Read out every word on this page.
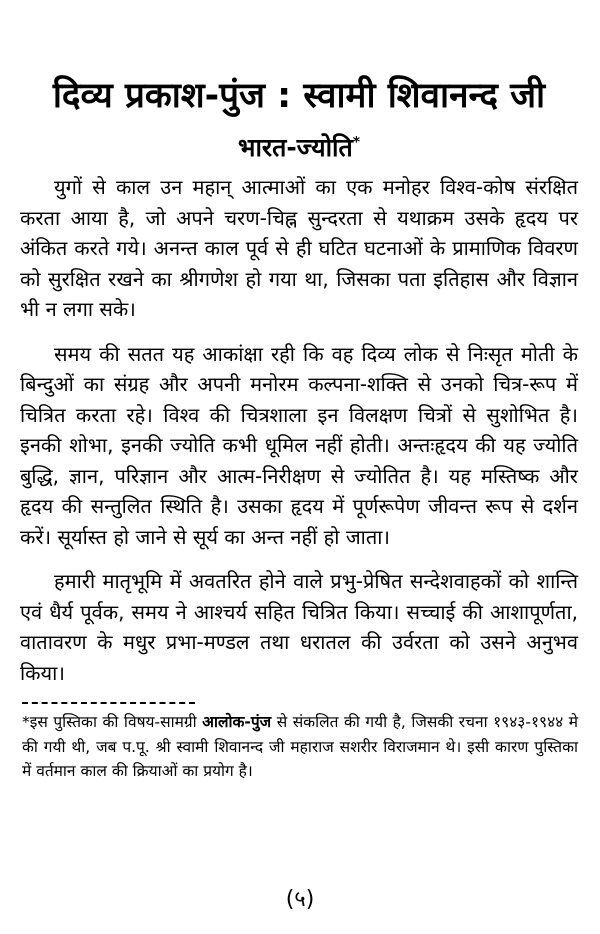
दिव्य प्रकाश-पुंज : स्वामी शिवानन्द जी
भारत-ज्योति*

युगों से काल उन महान् आत्माओं का एक मनोहर विश्व-कोष संरक्षित करता आया है, जो अपने चरण-चिह्न सुन्दरता से यथाक्रम उसके हृदय पर अंकित करते गये। अनन्त काल पूर्व से ही घटित घटनाओं के प्रामाणिक विवरण को सुरक्षित रखने का श्रीगणेश हो गया था, जिसका पता इतिहास और विज्ञान भी न लगा सके।

समय की सतत यह आकांक्षा रही कि वह दिव्य लोक से निःसृत मोती के बिन्दुओं का संग्रह और अपनी मनोरम कल्पना-शक्ति से उनको चित्र-रूप में चित्रित करता रहे। विश्व की चित्रशाला इन विलक्षण चित्रों से सुशोभित है। इनकी शोभा, इनकी ज्योति कभी धूमिल नहीं होती। अन्तःहृदय की यह ज्योति बुद्धि, ज्ञान, परिज्ञान और आत्म-निरीक्षण से ज्योतित है। यह मस्तिष्क और हृदय की सन्तुलित स्थिति है। उसका हृदय में पूर्णरूपेण जीवन्त रूप से दर्शन करें। सूर्यास्त हो जाने से सूर्य का अन्त नहीं हो जाता।

हमारी मातृभूमि में अवतरित होने वाले प्रभु-प्रेषित सन्देशवाहकों को शान्ति एवं धैर्य पूर्वक, समय ने आश्चर्य सहित चित्रित किया। सच्चाई की आशापूर्णता, वातावरण के मधुर प्रभा-मण्डल तथा धरातल की उर्वरता को उसने अनुभव किया।

*इस पुस्तिका की विषय-सामग्री आलोक-पुंज से संकलित की गयी है, जिसकी रचना १९४३-१९४४ मे की गयी थी, जब प.पू. श्री स्वामी शिवानन्द जी महाराज सशरीर विराजमान थे। इसी कारण पुस्तिका में वर्तमान काल की क्रियाओं का प्रयोग है।

(५)
